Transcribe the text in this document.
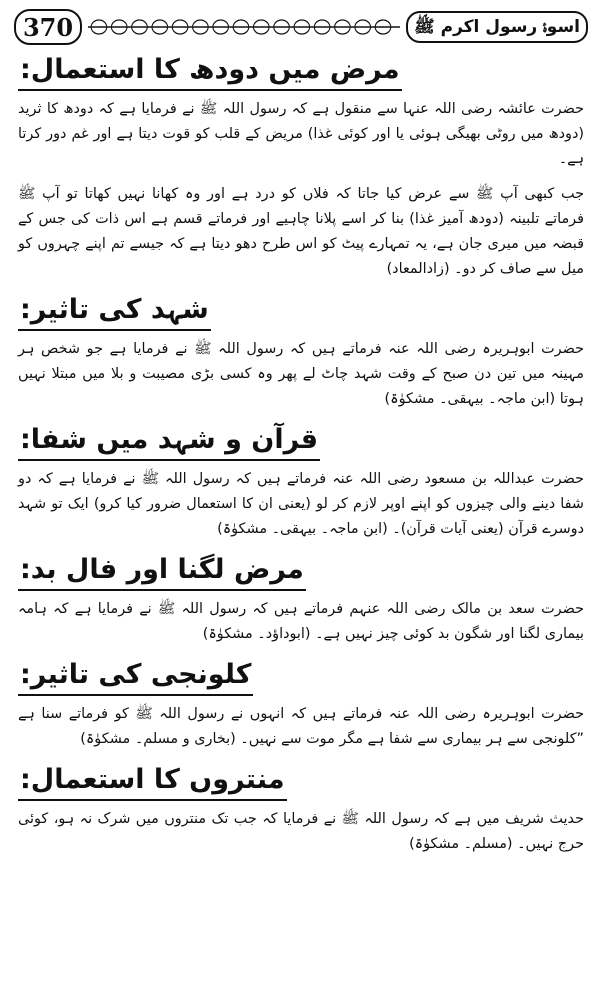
370	اسوۂ رسول اکرم ﷺ
مرض میں دودھ کا استعمال:

حضرت عائشہ رضی اللہ عنہا سے منقول ہے کہ رسول اللہ ﷺ نے فرمایا ہے کہ دودھ کا ثرید (دودھ میں روٹی بھیگی ہوئی یا اور کوئی غذا) مریض کے قلب کو قوت دیتا ہے اور غم دور کرتا ہے۔

جب کبھی آپ ﷺ سے عرض کیا جاتا کہ فلاں کو درد ہے اور وہ کھانا نہیں کھاتا تو آپ ﷺ فرماتے تلبینہ (دودھ آمیز غذا) بنا کر اسے پلانا چاہیے اور فرماتے قسم ہے اس ذات کی جس کے قبضہ میں میری جان ہے، یہ تمہارے پیٹ کو اس طرح دھو دیتا ہے کہ جیسے تم اپنے چہروں کو میل سے صاف کر دو۔ (زادالمعاد)

شہد کی تاثیر:

حضرت ابوہریرہ رضی اللہ عنہ فرماتے ہیں کہ رسول اللہ ﷺ نے فرمایا ہے جو شخص ہر مہینہ میں تین دن صبح کے وقت شہد چاٹ لے پھر وہ کسی بڑی مصیبت و بلا میں مبتلا نہیں ہوتا (ابن ماجہ۔ بیہقی۔ مشکوٰۃ)

قرآن و شہد میں شفا:

حضرت عبداللہ بن مسعود رضی اللہ عنہ فرماتے ہیں کہ رسول اللہ ﷺ نے فرمایا ہے کہ دو شفا دینے والی چیزوں کو اپنے اوپر لازم کر لو (یعنی ان کا استعمال ضرور کیا کرو) ایک تو شہد دوسرے قرآن (یعنی آیات قرآن)۔ (ابن ماجہ۔ بیہقی۔ مشکوٰۃ)

مرض لگنا اور فال بد:

حضرت سعد بن مالک رضی اللہ عنہم فرماتے ہیں کہ رسول اللہ ﷺ نے فرمایا ہے کہ ہامہ بیماری لگنا اور شگون بد کوئی چیز نہیں ہے۔ (ابوداؤد۔ مشکوٰۃ)

کلونجی کی تاثیر:

حضرت ابوہریرہ رضی اللہ عنہ فرماتے ہیں کہ انہوں نے رسول اللہ ﷺ کو فرماتے سنا ہے ”کلونجی سے ہر بیماری سے شفا ہے مگر موت سے نہیں۔ (بخاری و مسلم۔ مشکوٰۃ)

منتروں کا استعمال:

حدیث شریف میں ہے کہ رسول اللہ ﷺ نے فرمایا کہ جب تک منتروں میں شرک نہ ہو، کوئی حرج نہیں۔ (مسلم۔ مشکوٰۃ)
